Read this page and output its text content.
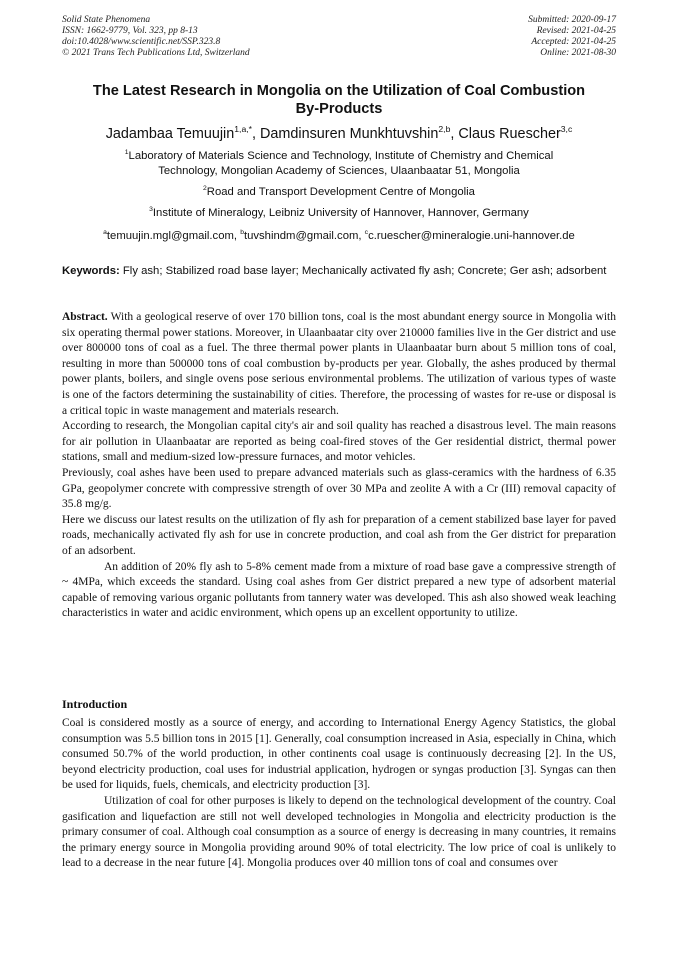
Solid State Phenomena
ISSN: 1662-9779, Vol. 323, pp 8-13
doi:10.4028/www.scientific.net/SSP.323.8
© 2021 Trans Tech Publications Ltd, Switzerland
Submitted: 2020-09-17
Revised: 2021-04-25
Accepted: 2021-04-25
Online: 2021-08-30
The Latest Research in Mongolia on the Utilization of Coal Combustion
By-Products
Jadambaa Temuujin$^{1,a,*}$, Damdinsuren Munkhtuvshin$^{2,b}$, Claus Ruescher$^{3,c}$
$^1$Laboratory of Materials Science and Technology, Institute of Chemistry and Chemical
Technology, Mongolian Academy of Sciences, Ulaanbaatar 51, Mongolia
$^2$Road and Transport Development Centre of Mongolia
$^3$Institute of Mineralogy, Leibniz University of Hannover, Hannover, Germany
$^a$temuujin.mgl@gmail.com, $^b$tuvshindm@gmail.com, $^c$c.ruescher@mineralogie.uni-hannover.de
Keywords: Fly ash; Stabilized road base layer; Mechanically activated fly ash; Concrete; Ger ash; adsorbent

Abstract. With a geological reserve of over 170 billion tons, coal is the most abundant energy source in Mongolia with six operating thermal power stations. Moreover, in Ulaanbaatar city over 210000 families live in the Ger district and use over 800000 tons of coal as a fuel. The three thermal power plants in Ulaanbaatar burn about 5 million tons of coal, resulting in more than 500000 tons of coal combustion by-products per year. Globally, the ashes produced by thermal power plants, boilers, and single ovens pose serious environmental problems. The utilization of various types of waste is one of the factors determining the sustainability of cities. Therefore, the processing of wastes for re-use or disposal is a critical topic in waste management and materials research.

According to research, the Mongolian capital city's air and soil quality has reached a disastrous level. The main reasons for air pollution in Ulaanbaatar are reported as being coal-fired stoves of the Ger residential district, thermal power stations, small and medium-sized low-pressure furnaces, and motor vehicles.

Previously, coal ashes have been used to prepare advanced materials such as glass-ceramics with the hardness of 6.35 GPa, geopolymer concrete with compressive strength of over 30 MPa and zeolite A with a Cr (III) removal capacity of 35.8 mg/g.

Here we discuss our latest results on the utilization of fly ash for preparation of a cement stabilized base layer for paved roads, mechanically activated fly ash for use in concrete production, and coal ash from the Ger district for preparation of an adsorbent.

An addition of 20% fly ash to 5-8% cement made from a mixture of road base gave a compressive strength of ~ 4MPa, which exceeds the standard. Using coal ashes from Ger district prepared a new type of adsorbent material capable of removing various organic pollutants from tannery water was developed. This ash also showed weak leaching characteristics in water and acidic environment, which opens up an excellent opportunity to utilize.

Introduction

Coal is considered mostly as a source of energy, and according to International Energy Agency Statistics, the global consumption was 5.5 billion tons in 2015 [1]. Generally, coal consumption increased in Asia, especially in China, which consumed 50.7% of the world production, in other continents coal usage is continuously decreasing [2]. In the US, beyond electricity production, coal uses for industrial application, hydrogen or syngas production [3]. Syngas can then be used for liquids, fuels, chemicals, and electricity production [3].

Utilization of coal for other purposes is likely to depend on the technological development of the country. Coal gasification and liquefaction are still not well developed technologies in Mongolia and electricity production is the primary consumer of coal. Although coal consumption as a source of energy is decreasing in many countries, it remains the primary energy source in Mongolia providing around 90% of total electricity. The low price of coal is unlikely to lead to a decrease in the near future [4]. Mongolia produces over 40 million tons of coal and consumes over
